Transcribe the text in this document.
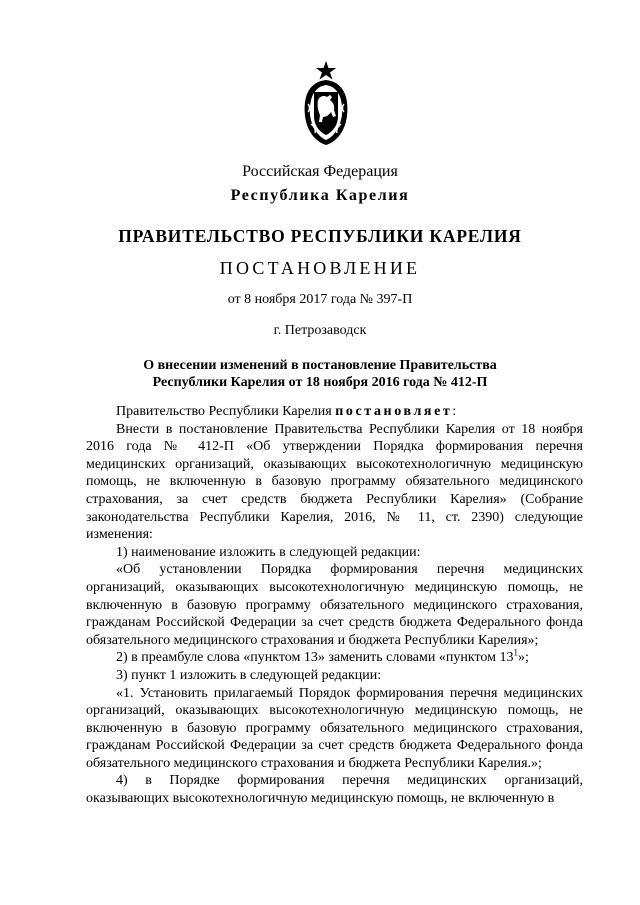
Российская Федерация
Республика Карелия
ПРАВИТЕЛЬСТВО РЕСПУБЛИКИ КАРЕЛИЯ
ПОСТАНОВЛЕНИЕ
от 8 ноября 2017 года № 397-П
г. Петрозаводск
О внесении изменений в постановление Правительства
Республики Карелия от 18 ноября 2016 года № 412-П

Правительство Республики Карелия постановляет:

Внести в постановление Правительства Республики Карелия от 18 ноября 2016 года № 412-П «Об утверждении Порядка формирования перечня медицинских организаций, оказывающих высокотехнологичную медицинскую помощь, не включенную в базовую программу обязательного медицинского страхования, за счет средств бюджета Республики Карелия» (Собрание законодательства Республики Карелия, 2016, № 11, ст. 2390) следующие изменения:

1) наименование изложить в следующей редакции:

«Об установлении Порядка формирования перечня медицинских организаций, оказывающих высокотехнологичную медицинскую помощь, не включенную в базовую программу обязательного медицинского страхования, гражданам Российской Федерации за счет средств бюджета Федерального фонда обязательного медицинского страхования и бюджета Республики Карелия»;

2) в преамбуле слова «пунктом 13» заменить словами «пунктом $13^1$»;

3) пункт 1 изложить в следующей редакции:

«1. Установить прилагаемый Порядок формирования перечня медицинских организаций, оказывающих высокотехнологичную медицинскую помощь, не включенную в базовую программу обязательного медицинского страхования, гражданам Российской Федерации за счет средств бюджета Федерального фонда обязательного медицинского страхования и бюджета Республики Карелия.»;

4) в Порядке формирования перечня медицинских организаций, оказывающих высокотехнологичную медицинскую помощь, не включенную в
